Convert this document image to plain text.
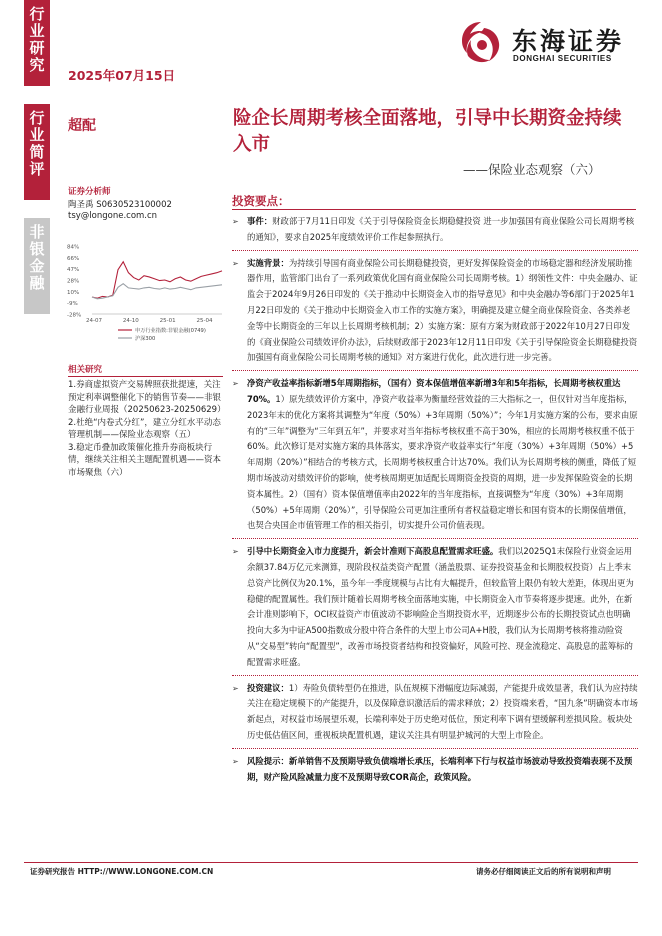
行
业
研
究
行
业
简
评
非
银
金
融
东海证券
DONGHAI SECURITIES
2025年07月15日
超配	险企长周期考核全面落地，引导中长期资金持续入市
——保险业态观察（六）
证券分析师
陶圣禹 S0630523100002
tsy@longone.com.cn
84%
66%
47%
28%
10%
-9%
-28%
24-07	24-10	25-01	25-04
申万行业指数:非银金融(0749)
沪深300
相关研究

1.券商虚拟资产交易牌照获批提速，关注预定利率调整催化下的销售节奏——非银金融行业周报（20250623-20250629）

2.杜绝“内卷式分红”，建立分红水平动态管理机制——保险业态观察（五）

3.稳定币叠加政策催化推升券商板块行情，继续关注相关主题配置机遇——资本市场聚焦（六）

投资要点：
➢ 事件：财政部于7月11日印发《关于引导保险资金长期稳健投资 进一步加强国有商业保险公司长周期考核的通知》，要求自2025年度绩效评价工作起参照执行。
➢ 实施背景：为持续引导国有商业保险公司长期稳健投资，更好发挥保险资金的市场稳定器和经济发展助推器作用，监管部门出台了一系列政策优化国有商业保险公司长周期考核。1）纲领性文件：中央金融办、证监会于2024年9月26日印发的《关于推动中长期资金入市的指导意见》和中央金融办等6部门于2025年1月22日印发的《关于推动中长期资金入市工作的实施方案》，明确提及建立健全商业保险资金、各类养老金等中长期资金的三年以上长周期考核机制；2）实施方案：原有方案为财政部于2022年10月27日印发的《商业保险公司绩效评价办法》，后续财政部于2023年12月11日印发《关于引导保险资金长期稳健投资 加强国有商业保险公司长周期考核的通知》对方案进行优化，此次进行进一步完善。
➢ 净资产收益率指标新增5年周期指标，（国有）资本保值增值率新增3年和5年指标，长周期考核权重达70%。1）原先绩效评价方案中，净资产收益率为衡量经营效益的三大指标之一，但仅针对当年度指标，2023年末的优化方案将其调整为“年度（50%）+3年周期（50%）”；今年1月实施方案的公布，要求由原有的“三年”调整为“三年到五年”，并要求对当年指标考核权重不高于30%，相应的长周期考核权重不低于60%。此次修订是对实施方案的具体落实，要求净资产收益率实行“年度（30%）+3年周期（50%）+5年周期（20%）”相结合的考核方式，长周期考核权重合计达70%。我们认为长周期考核的侧重，降低了短期市场波动对绩效评价的影响，使考核周期更加适配长周期资金投资的周期，进一步发挥保险资金的长期资本属性。2）（国有）资本保值增值率由2022年的当年度指标，直接调整为“年度（30%）+3年周期（50%）+5年周期（20%）”，引导保险公司更加注重所有者权益稳定增长和国有资本的长期保值增值，也契合央国企市值管理工作的相关指引，切实提升公司价值表现。
➢ 引导中长期资金入市力度提升，新会计准则下高股息配置需求旺盛。我们以2025Q1末保险行业资金运用余额37.84万亿元来测算，现阶段权益类资产配置（涵盖股票、证券投资基金和长期股权投资）占上季末总资产比例仅为20.1%，虽今年一季度规模与占比有大幅提升，但较监管上限仍有较大差距，体现出更为稳健的配置属性。我们预计随着长周期考核全面落地实施，中长期资金入市节奏将逐步提速。此外，在新会计准则影响下，OCI权益资产市值波动不影响险企当期投资水平，近期逐步公布的长期投资试点也明确投向大多为中证A500指数成分股中符合条件的大型上市公司A+H股，我们认为长周期考核将推动险资从“交易型”转向“配置型”，改善市场投资者结构和投资偏好，风险可控、现金流稳定、高股息的蓝筹标的配置需求旺盛。
➢ 投资建议：1）寿险负债转型仍在推进，队伍规模下滑幅度边际减弱，产能提升成效显著，我们认为应持续关注在稳定规模下的产能提升，以及保障意识激活后的需求释放；2）投资端来看，“国九条”明确资本市场新起点，对权益市场展望乐观，长端利率处于历史绝对低位，预定利率下调有望缓解利差损风险。板块处历史低估值区间，重视板块配置机遇，建议关注具有明显护城河的大型上市险企。
➢ 风险提示：新单销售不及预期导致负债端增长承压，长端利率下行与权益市场波动导致投资端表现不及预期，财产险风险减量力度不及预期导致COR高企，政策风险。
证券研究报告 HTTP://WWW.LONGONE.COM.CN	请务必仔细阅读正文后的所有说明和声明
